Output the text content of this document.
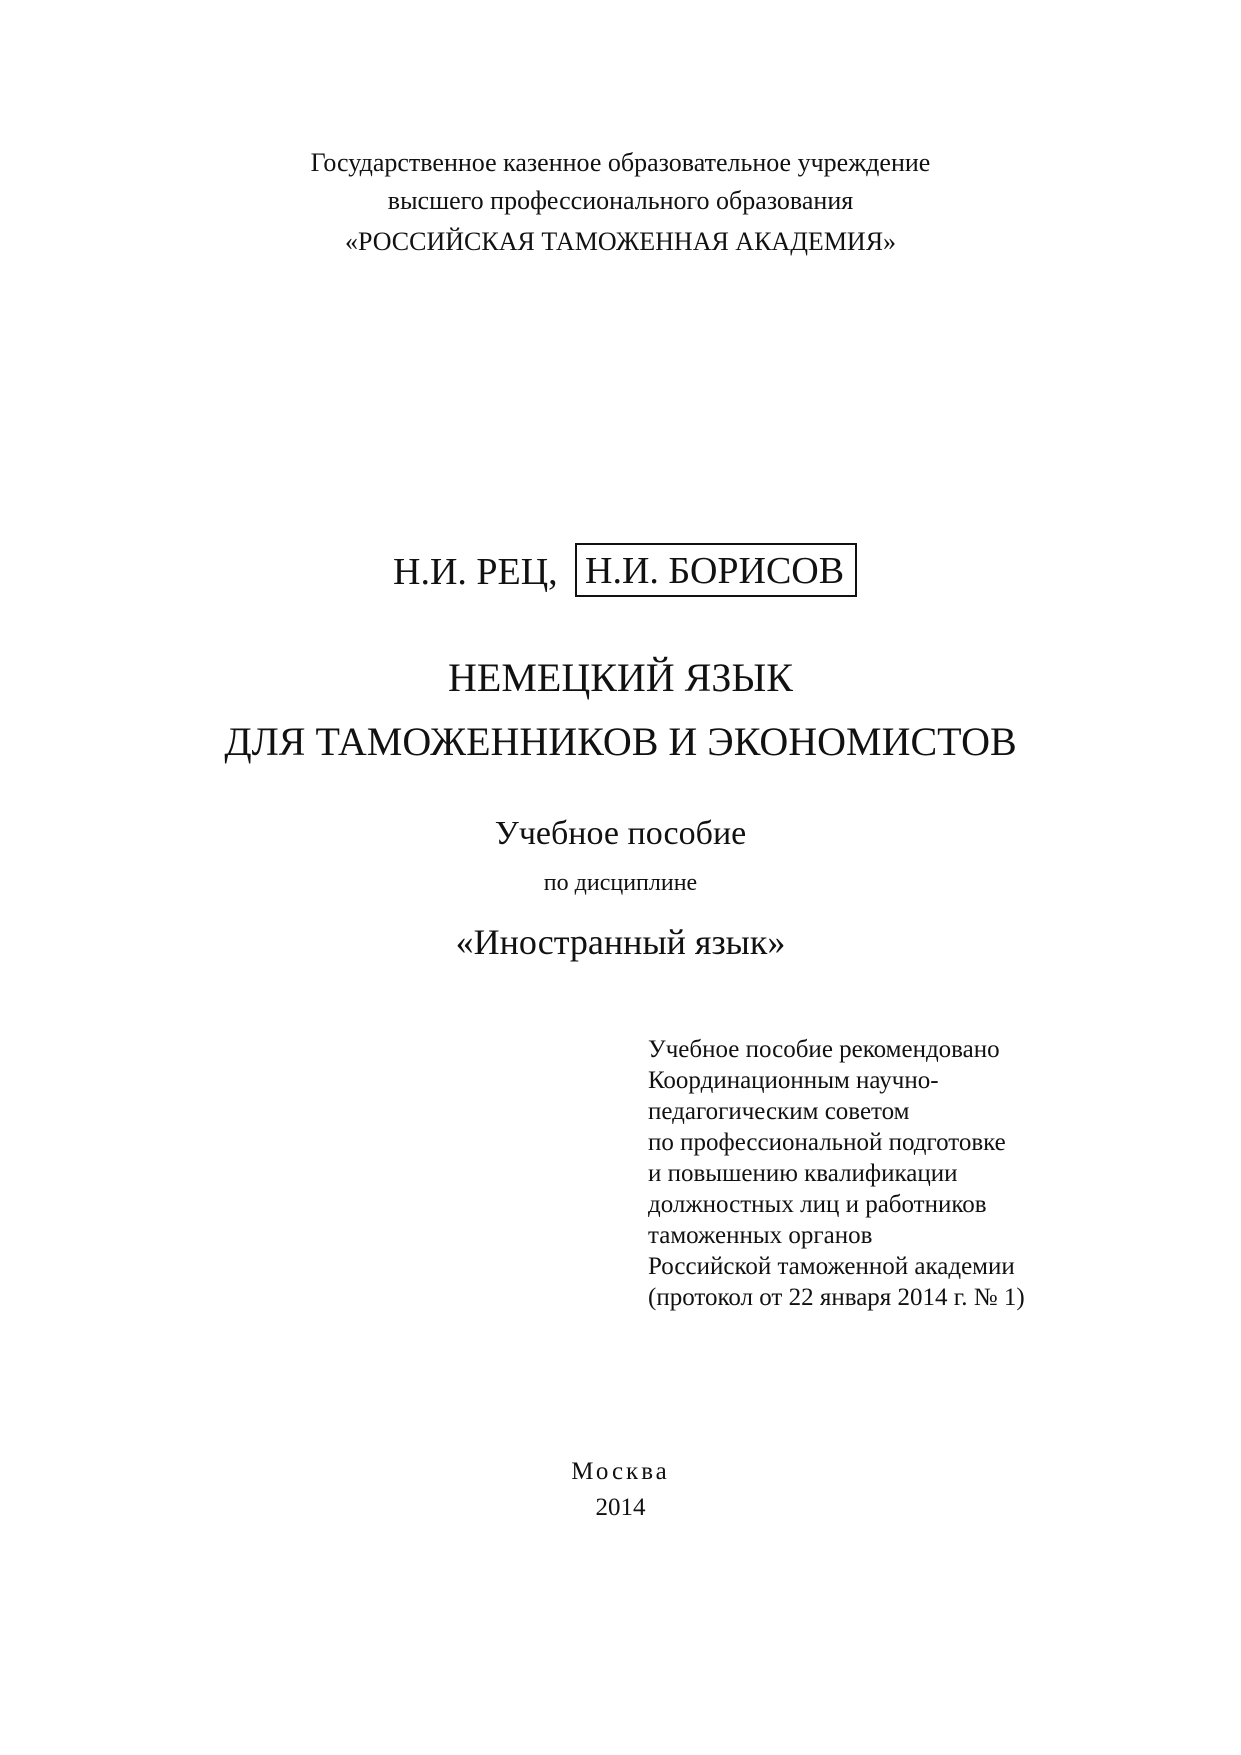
Государственное казенное образовательное учреждение
высшего профессионального образования
«РОССИЙСКАЯ ТАМОЖЕННАЯ АКАДЕМИЯ»
Н.И. РЕЦ, Н.И. БОРИСОВ
НЕМЕЦКИЙ ЯЗЫК
ДЛЯ ТАМОЖЕННИКОВ И ЭКОНОМИСТОВ
Учебное пособие
по дисциплине
«Иностранный язык»
Учебное пособие рекомендовано
Координационным научно-
педагогическим советом
по профессиональной подготовке
и повышению квалификации
должностных лиц и работников
таможенных органов
Российской таможенной академии
(протокол от 22 января 2014 г. № 1)
Москва
2014
